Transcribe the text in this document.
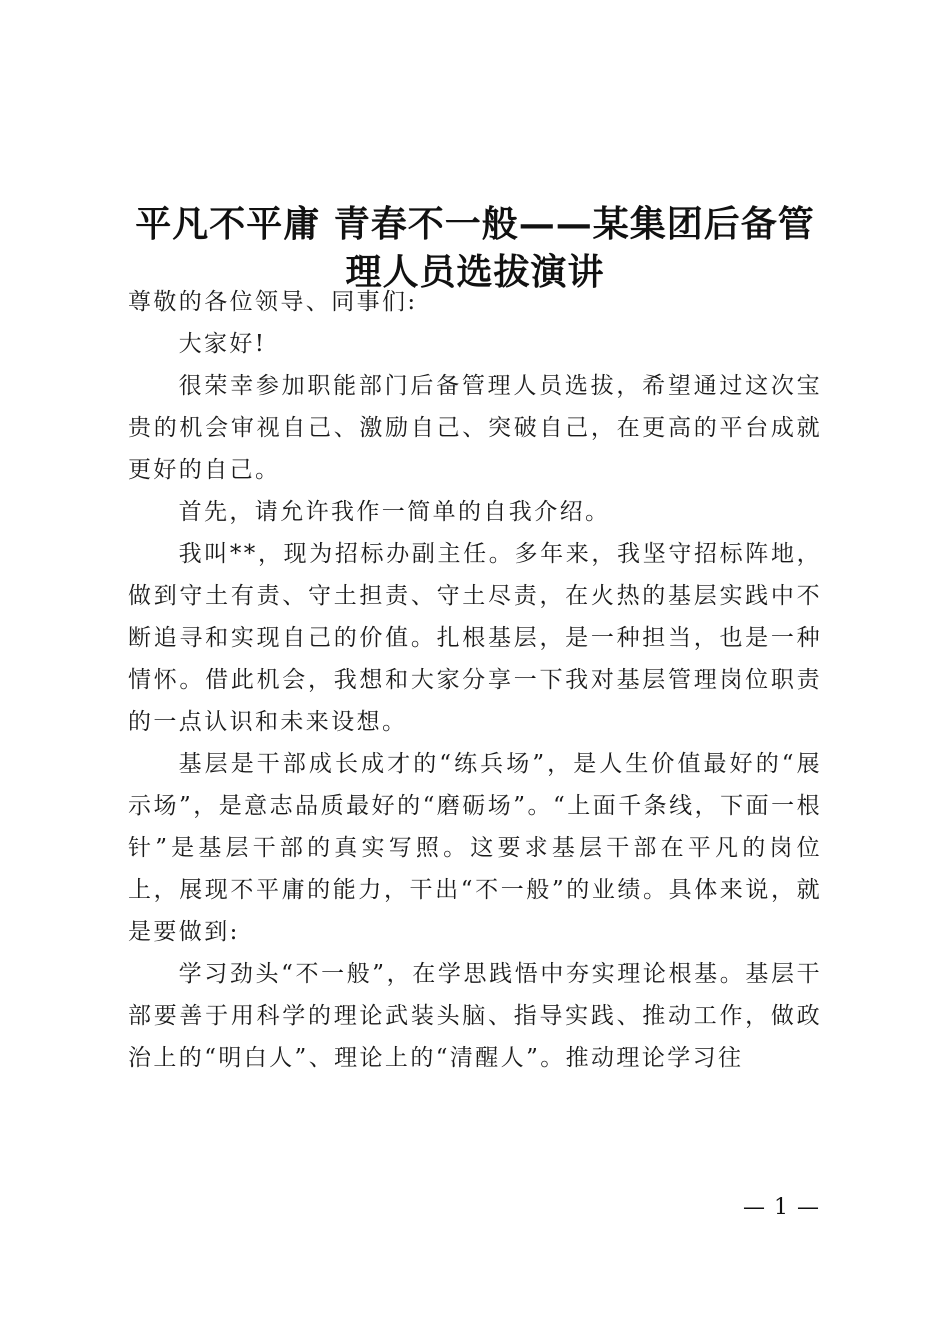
平凡不平庸 青春不一般——某集团后备管理人员选拔演讲

尊敬的各位领导、同事们:

大家好!

很荣幸参加职能部门后备管理人员选拔，希望通过这次宝贵的机会审视自己、激励自己、突破自己，在更高的平台成就更好的自己。

首先，请允许我作一简单的自我介绍。

我叫**，现为招标办副主任。多年来，我坚守招标阵地，做到守土有责、守土担责、守土尽责，在火热的基层实践中不断追寻和实现自己的价值。扎根基层，是一种担当，也是一种情怀。借此机会，我想和大家分享一下我对基层管理岗位职责的一点认识和未来设想。

基层是干部成长成才的“练兵场”，是人生价值最好的“展示场”，是意志品质最好的“磨砺场”。“上面千条线，下面一根针”是基层干部的真实写照。这要求基层干部在平凡的岗位上，展现不平庸的能力，干出“不一般”的业绩。具体来说，就是要做到:

学习劲头“不一般”，在学思践悟中夯实理论根基。基层干部要善于用科学的理论武装头脑、指导实践、推动工作，做政治上的“明白人”、理论上的“清醒人”。推动理论学习往

— 1 —
